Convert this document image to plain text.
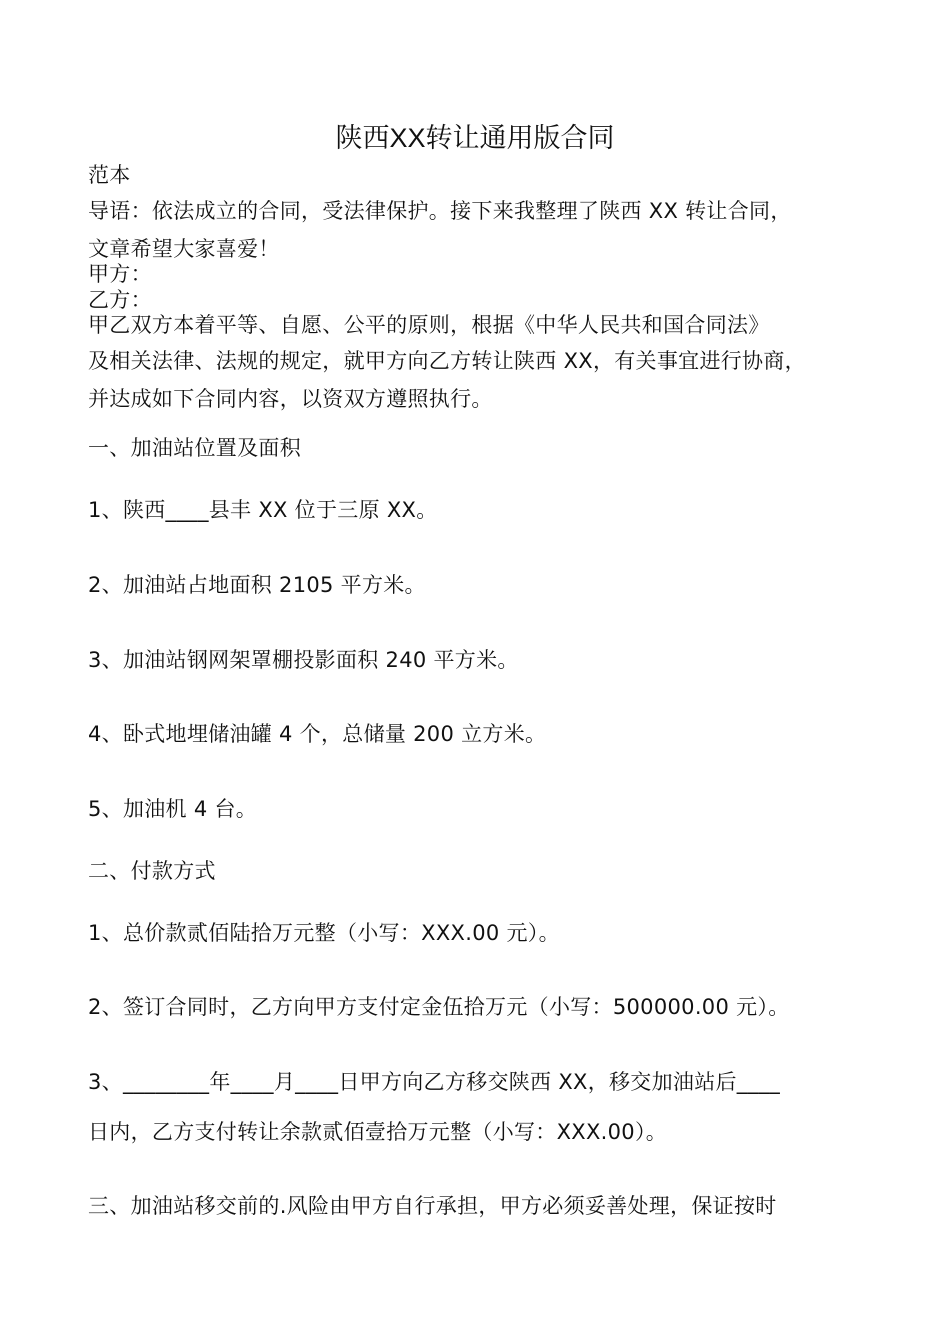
陕西XX转让通用版合同
范本
导语：依法成立的合同，受法律保护。接下来我整理了陕西 XX 转让合同，
文章希望大家喜爱！
甲方：
乙方：
甲乙双方本着平等、自愿、公平的原则，根据《中华人民共和国合同法》
及相关法律、法规的规定，就甲方向乙方转让陕西 XX，有关事宜进行协商，
并达成如下合同内容，以资双方遵照执行。
一、加油站位置及面积
1、陕西____县丰 XX 位于三原 XX。
2、加油站占地面积 2105 平方米。
3、加油站钢网架罩棚投影面积 240 平方米。
4、卧式地埋储油罐 4 个，总储量 200 立方米。
5、加油机 4 台。
二、付款方式
1、总价款贰佰陆拾万元整（小写：XXX.00 元）。
2、签订合同时，乙方向甲方支付定金伍拾万元（小写：500000.00 元）。
3、________年____月____日甲方向乙方移交陕西 XX，移交加油站后____
日内，乙方支付转让余款贰佰壹拾万元整（小写：XXX.00）。
三、加油站移交前的.风险由甲方自行承担，甲方必须妥善处理，保证按时
